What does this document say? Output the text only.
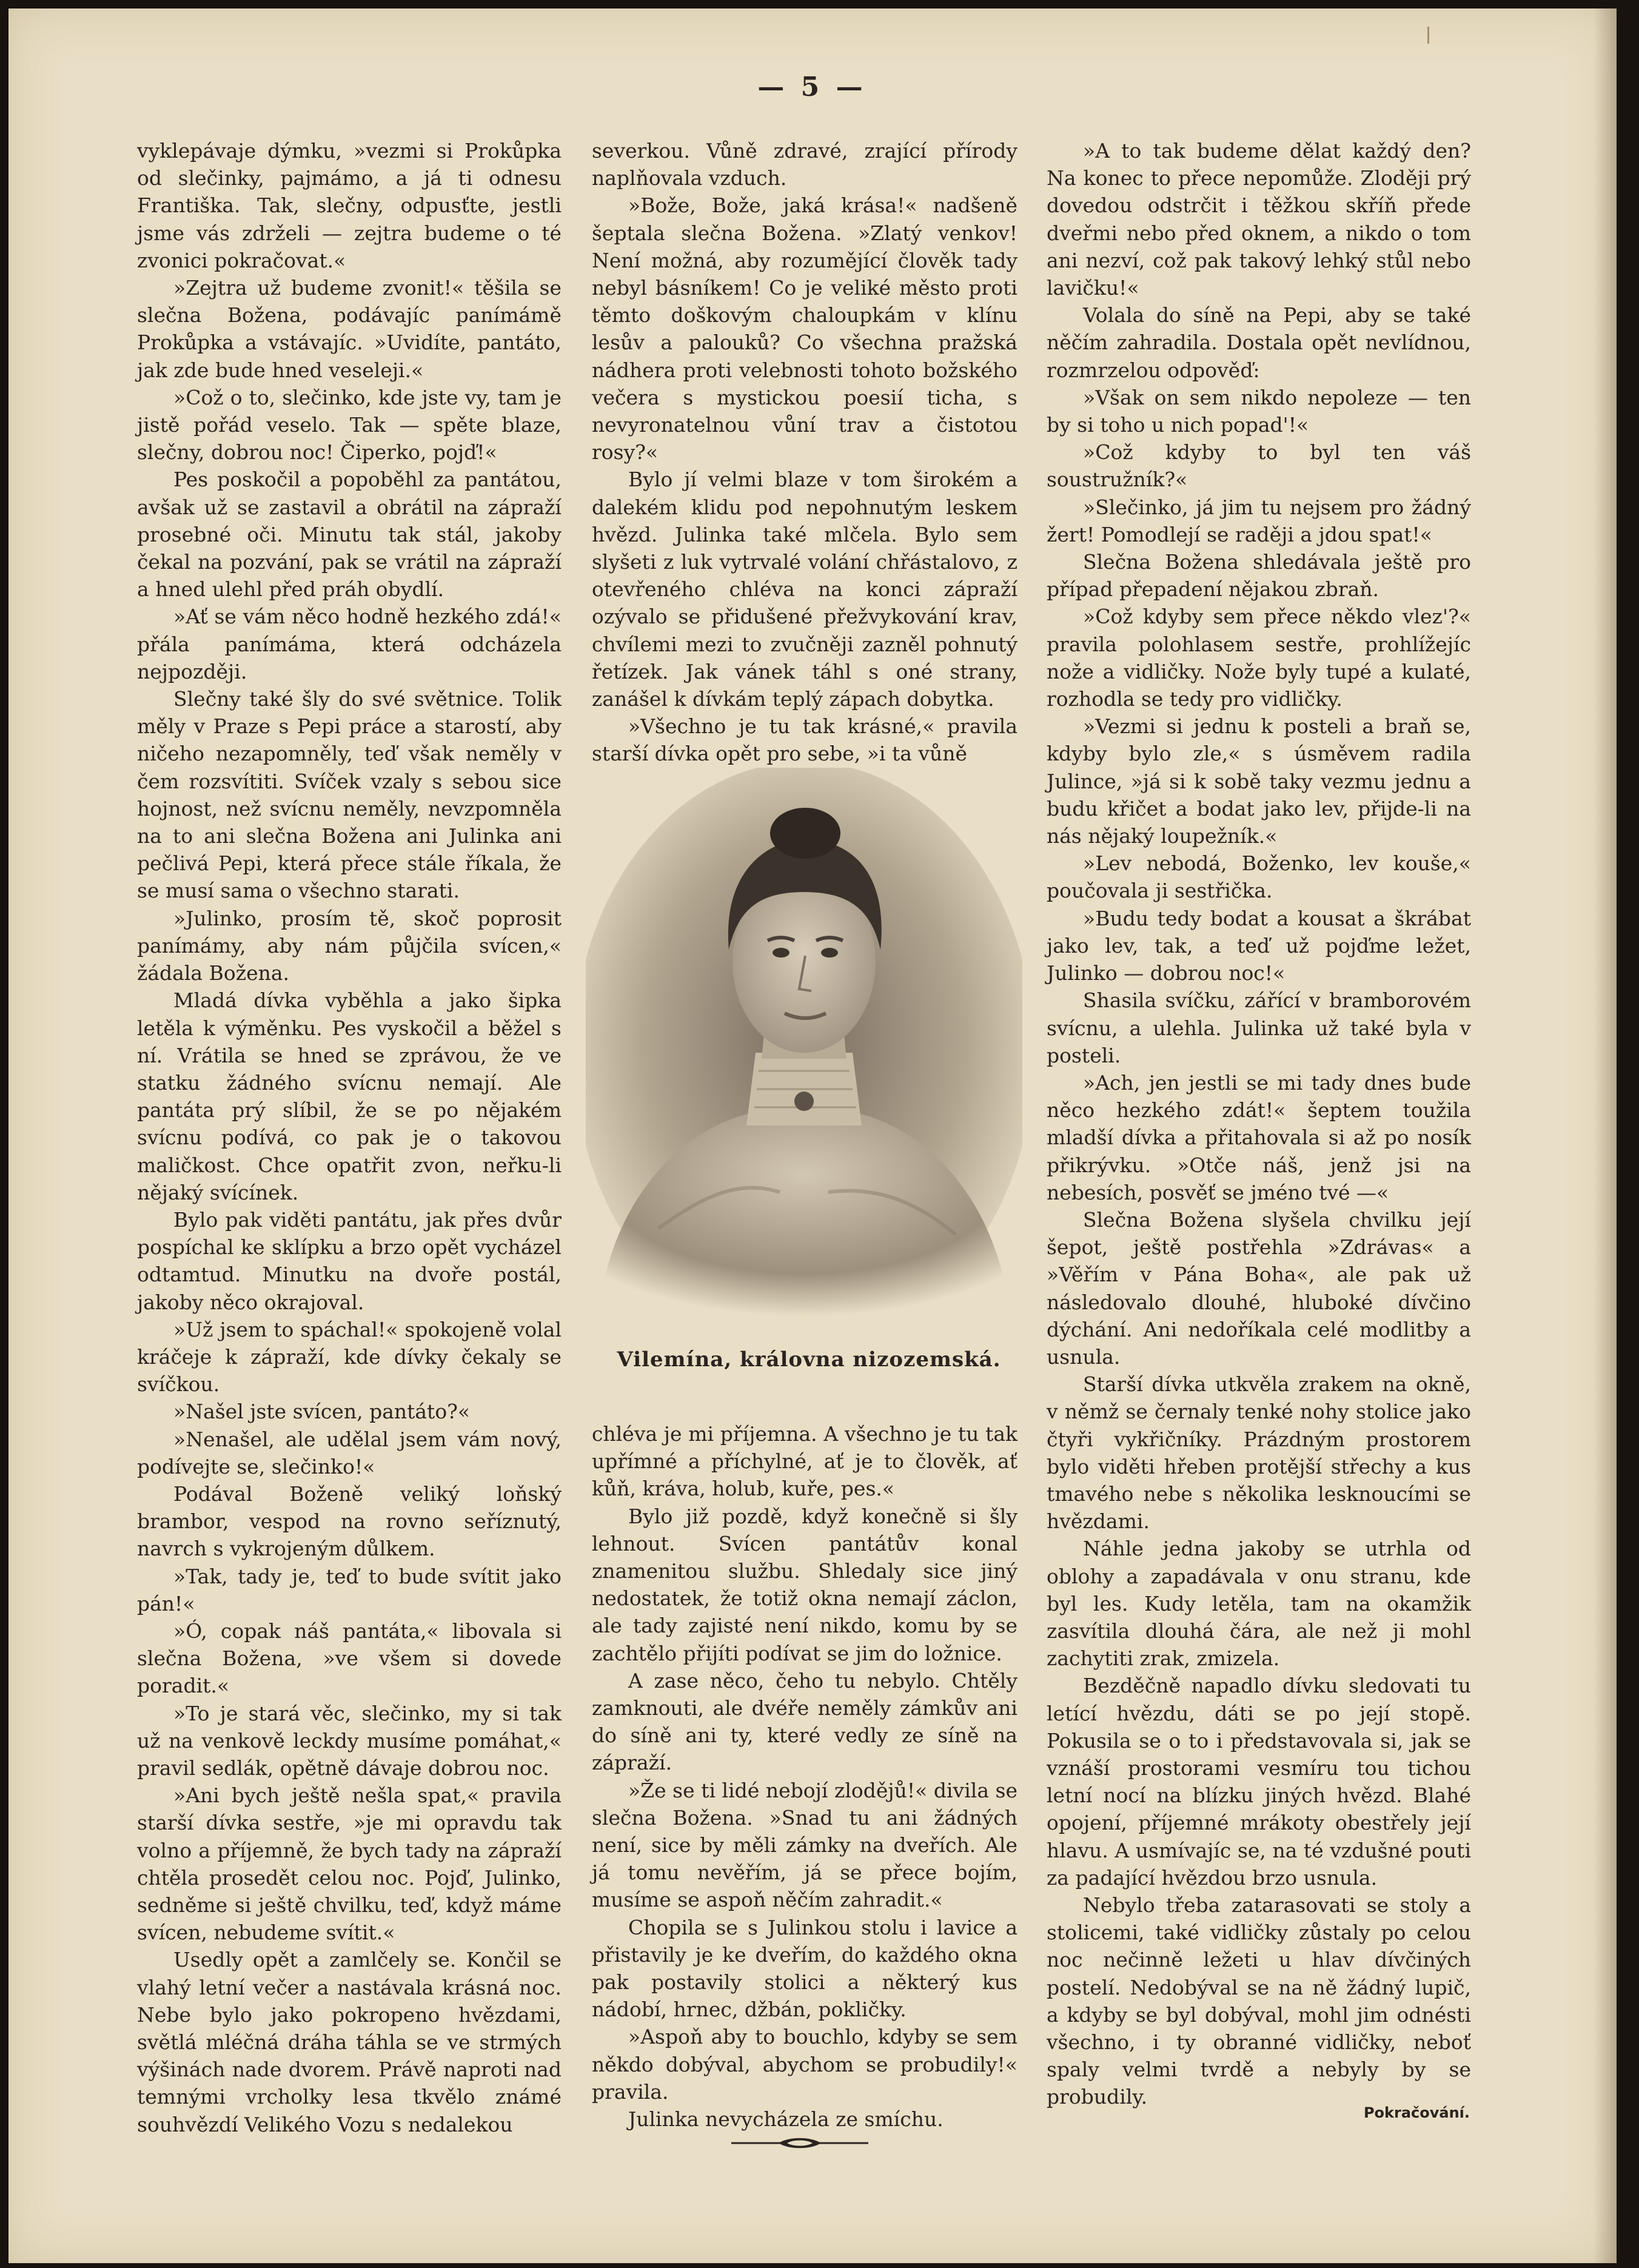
— 5 —

vyklepávaje dýmku, »vezmi si Prokůpka od slečinky, pajmámo, a já ti odnesu Františka. Tak, slečny, odpusťte, jestli jsme vás zdrželi — zejtra budeme o té zvonici pokračovat.«

»Zejtra už budeme zvonit!« těšila se slečna Božena, podávajíc panímámě Prokůpka a vstávajíc. »Uvidíte, pantáto, jak zde bude hned veseleji.«

»Což o to, slečinko, kde jste vy, tam je jistě pořád veselo. Tak — spěte blaze, slečny, dobrou noc! Čiperko, pojď!«

Pes poskočil a popoběhl za pantátou, avšak už se zastavil a obrátil na zápraží prosebné oči. Minutu tak stál, jakoby čekal na pozvání, pak se vrátil na zápraží a hned ulehl před práh obydlí.

»Ať se vám něco hodně hezkého zdá!« přála panímáma, která odcházela nejpozději.

Slečny také šly do své světnice. Tolik měly v Praze s Pepi práce a starostí, aby ničeho nezapomněly, teď však neměly v čem rozsvítiti. Svíček vzaly s sebou sice hojnost, než svícnu neměly, nevzpomněla na to ani slečna Božena ani Julinka ani pečlivá Pepi, která přece stále říkala, že se musí sama o všechno starati.

»Julinko, prosím tě, skoč poprosit panímámy, aby nám půjčila svícen,« žádala Božena.

Mladá dívka vyběhla a jako šipka letěla k výměnku. Pes vyskočil a běžel s ní. Vrátila se hned se zprávou, že ve statku žádného svícnu nemají. Ale pantáta prý slíbil, že se po nějakém svícnu podívá, co pak je o takovou maličkost. Chce opatřit zvon, neřku-li nějaký svícínek.

Bylo pak viděti pantátu, jak přes dvůr pospíchal ke sklípku a brzo opět vycházel odtamtud. Minutku na dvoře postál, jakoby něco okrajoval.

»Už jsem to spáchal!« spokojeně volal kráčeje k zápraží, kde dívky čekaly se svíčkou.

»Našel jste svícen, pantáto?«

»Nenašel, ale udělal jsem vám nový, podívejte se, slečinko!«

Podával Boženě veliký loňský brambor, vespod na rovno seříznutý, navrch s vykrojeným důlkem.

»Tak, tady je, teď to bude svítit jako pán!«

»Ó, copak náš pantáta,« libovala si slečna Božena, »ve všem si dovede poradit.«

»To je stará věc, slečinko, my si tak už na venkově leckdy musíme pomáhat,« pravil sedlák, opětně dávaje dobrou noc.

»Ani bych ještě nešla spat,« pravila starší dívka sestře, »je mi opravdu tak volno a příjemně, že bych tady na zápraží chtěla prosedět celou noc. Pojď, Julinko, sedněme si ještě chvilku, teď, když máme svícen, nebudeme svítit.«

Usedly opět a zamlčely se. Končil se vlahý letní večer a nastávala krásná noc. Nebe bylo jako pokropeno hvězdami, světlá mléčná dráha táhla se ve strmých výšinách nade dvorem. Právě naproti nad temnými vrcholky lesa tkvělo známé souhvězdí Velikého Vozu s nedalekou

severkou. Vůně zdravé, zrající přírody naplňovala vzduch.

»Bože, Bože, jaká krása!« nadšeně šeptala slečna Božena. »Zlatý venkov! Není možná, aby rozumějící člověk tady nebyl básníkem! Co je veliké město proti těmto doškovým chaloupkám v klínu lesův a palouků? Co všechna pražská nádhera proti velebnosti tohoto božského večera s mystickou poesií ticha, s nevyronatelnou vůní trav a čistotou rosy?«

Bylo jí velmi blaze v tom širokém a dalekém klidu pod nepohnutým leskem hvězd. Julinka také mlčela. Bylo sem slyšeti z luk vytrvalé volání chřástalovo, z otevřeného chléva na konci zápraží ozývalo se přidušené přežvykování krav, chvílemi mezi to zvučněji zazněl pohnutý řetízek. Jak vánek táhl s oné strany, zanášel k dívkám teplý zápach dobytka.

»Všechno je tu tak krásné,« pravila starší dívka opět pro sebe, »i ta vůně

Vilemína, královna nizozemská.

chléva je mi příjemna. A všechno je tu tak upřímné a příchylné, ať je to člověk, ať kůň, kráva, holub, kuře, pes.«

Bylo již pozdě, když konečně si šly lehnout. Svícen pantátův konal znamenitou službu. Shledaly sice jiný nedostatek, že totiž okna nemají záclon, ale tady zajisté není nikdo, komu by se zachtělo přijíti podívat se jim do ložnice.

A zase něco, čeho tu nebylo. Chtěly zamknouti, ale dvéře neměly zámkův ani do síně ani ty, které vedly ze síně na zápraží.

»Že se ti lidé nebojí zlodějů!« divila se slečna Božena. »Snad tu ani žádných není, sice by měli zámky na dveřích. Ale já tomu nevěřím, já se přece bojím, musíme se aspoň něčím zahradit.«

Chopila se s Julinkou stolu i lavice a přistavily je ke dveřím, do každého okna pak postavily stolici a některý kus nádobí, hrnec, džbán, pokličky.

»Aspoň aby to bouchlo, kdyby se sem někdo dobýval, abychom se probudily!« pravila.

Julinka nevycházela ze smíchu.

»A to tak budeme dělat každý den? Na konec to přece nepomůže. Zloději prý dovedou odstrčit i těžkou skříň přede dveřmi nebo před oknem, a nikdo o tom ani nezví, což pak takový lehký stůl nebo lavičku!«

Volala do síně na Pepi, aby se také něčím zahradila. Dostala opět nevlídnou, rozmrzelou odpověď:

»Však on sem nikdo nepoleze — ten by si toho u nich popad'!«

»Což kdyby to byl ten váš soustružník?«

»Slečinko, já jim tu nejsem pro žádný žert! Pomodlejí se raději a jdou spat!«

Slečna Božena shledávala ještě pro případ přepadení nějakou zbraň.

»Což kdyby sem přece někdo vlez'?« pravila polohlasem sestře, prohlížejíc nože a vidličky. Nože byly tupé a kulaté, rozhodla se tedy pro vidličky.

»Vezmi si jednu k posteli a braň se, kdyby bylo zle,« s úsměvem radila Julince, »já si k sobě taky vezmu jednu a budu křičet a bodat jako lev, přijde-li na nás nějaký loupežník.«

»Lev nebodá, Boženko, lev kouše,« poučovala ji sestřička.

»Budu tedy bodat a kousat a škrábat jako lev, tak, a teď už pojďme ležet, Julinko — dobrou noc!«

Shasila svíčku, zářící v bramborovém svícnu, a ulehla. Julinka už také byla v posteli.

»Ach, jen jestli se mi tady dnes bude něco hezkého zdát!« šeptem toužila mladší dívka a přitahovala si až po nosík přikrývku. »Otče náš, jenž jsi na nebesích, posvěť se jméno tvé —«

Slečna Božena slyšela chvilku její šepot, ještě postřehla »Zdrávas« a »Věřím v Pána Boha«, ale pak už následovalo dlouhé, hluboké dívčino dýchání. Ani nedoříkala celé modlitby a usnula.

Starší dívka utkvěla zrakem na okně, v němž se černaly tenké nohy stolice jako čtyři vykřičníky. Prázdným prostorem bylo viděti hřeben protější střechy a kus tmavého nebe s několika lesknoucími se hvězdami.

Náhle jedna jakoby se utrhla od oblohy a zapadávala v onu stranu, kde byl les. Kudy letěla, tam na okamžik zasvítila dlouhá čára, ale než ji mohl zachytiti zrak, zmizela.

Bezděčně napadlo dívku sledovati tu letící hvězdu, dáti se po její stopě. Pokusila se o to i představovala si, jak se vznáší prostorami vesmíru tou tichou letní nocí na blízku jiných hvězd. Blahé opojení, příjemné mrákoty obestřely její hlavu. A usmívajíc se, na té vzdušné pouti za padající hvězdou brzo usnula.

Nebylo třeba zatarasovati se stoly a stolicemi, také vidličky zůstaly po celou noc nečinně ležeti u hlav dívčiných postelí. Nedobýval se na ně žádný lupič, a kdyby se byl dobýval, mohl jim odnésti všechno, i ty obranné vidličky, neboť spaly velmi tvrdě a nebyly by se probudily.

Pokračování.
